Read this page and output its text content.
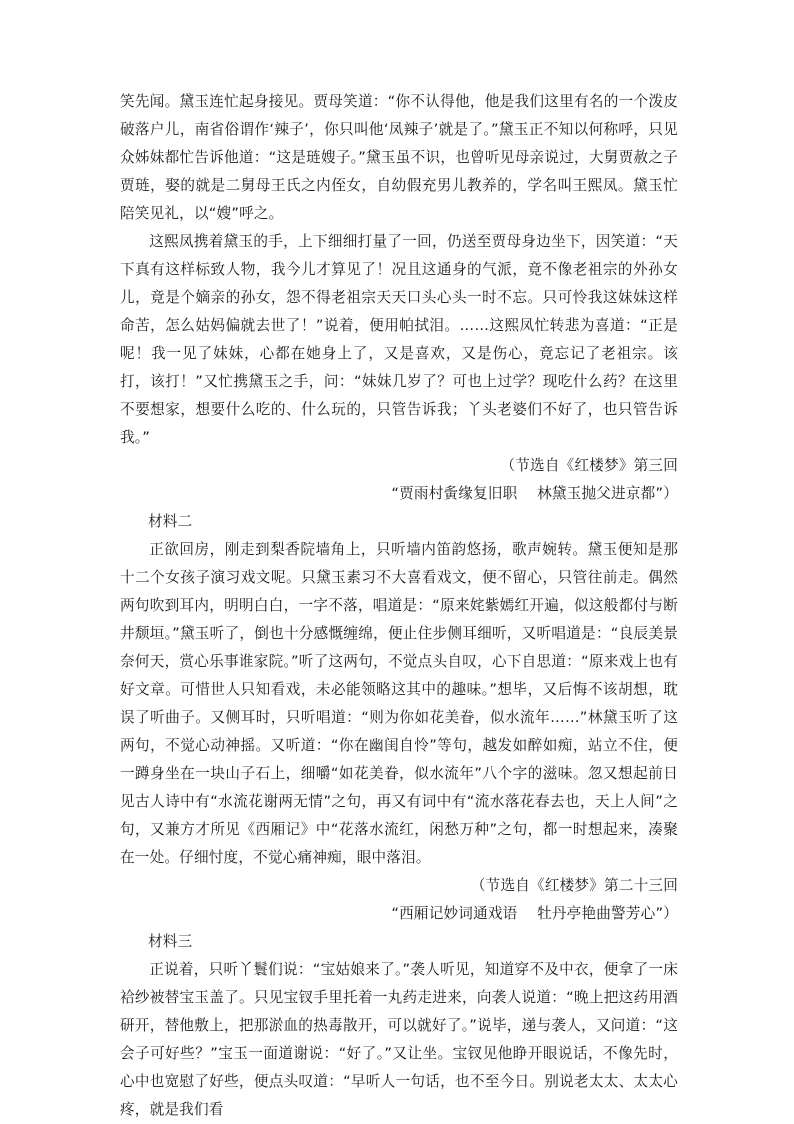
笑先闻。黛玉连忙起身接见。贾母笑道：“你不认得他，他是我们这里有名的一个泼皮破落户儿，南省俗谓作‘辣子’，你只叫他‘凤辣子’就是了。”黛玉正不知以何称呼，只见众姊妹都忙告诉他道：“这是琏嫂子。”黛玉虽不识，也曾听见母亲说过，大舅贾赦之子贾琏，娶的就是二舅母王氏之内侄女，自幼假充男儿教养的，学名叫王熙凤。黛玉忙陪笑见礼，以“嫂”呼之。

这熙凤携着黛玉的手，上下细细打量了一回，仍送至贾母身边坐下，因笑道：“天下真有这样标致人物，我今儿才算见了！况且这通身的气派，竟不像老祖宗的外孙女儿，竟是个嫡亲的孙女，怨不得老祖宗天天口头心头一时不忘。只可怜我这妹妹这样命苦，怎么姑妈偏就去世了！”说着，便用帕拭泪。……这熙凤忙转悲为喜道：“正是呢！我一见了妹妹，心都在她身上了，又是喜欢，又是伤心，竟忘记了老祖宗。该打，该打！”又忙携黛玉之手，问：“妹妹几岁了？可也上过学？现吃什么药？在这里不要想家，想要什么吃的、什么玩的，只管告诉我；丫头老婆们不好了，也只管告诉我。”

（节选自《红楼梦》第三回

“贾雨村夤缘复旧职　 林黛玉抛父进京都”）

材料二

正欲回房，刚走到梨香院墙角上，只听墙内笛韵悠扬，歌声婉转。黛玉便知是那十二个女孩子演习戏文呢。只黛玉素习不大喜看戏文，便不留心，只管往前走。偶然两句吹到耳内，明明白白，一字不落，唱道是：“原来姹紫嫣红开遍，似这般都付与断井颓垣。”黛玉听了，倒也十分感慨缠绵，便止住步侧耳细听，又听唱道是：“良辰美景奈何天，赏心乐事谁家院。”听了这两句，不觉点头自叹，心下自思道：“原来戏上也有好文章。可惜世人只知看戏，未必能领略这其中的趣味。”想毕，又后悔不该胡想，耽误了听曲子。又侧耳时，只听唱道：“则为你如花美眷，似水流年……”林黛玉听了这两句，不觉心动神摇。又听道：“你在幽闺自怜”等句，越发如醉如痴，站立不住，便一蹲身坐在一块山子石上，细嚼“如花美眷，似水流年”八个字的滋味。忽又想起前日见古人诗中有“水流花谢两无情”之句，再又有词中有“流水落花春去也，天上人间”之句，又兼方才所见《西厢记》中“花落水流红，闲愁万种”之句，都一时想起来，凑聚在一处。仔细忖度，不觉心痛神痴，眼中落泪。

（节选自《红楼梦》第二十三回

“西厢记妙词通戏语　 牡丹亭艳曲警芳心”）

材料三

正说着，只听丫鬟们说：“宝姑娘来了。”袭人听见，知道穿不及中衣，便拿了一床袷纱被替宝玉盖了。只见宝钗手里托着一丸药走进来，向袭人说道：“晚上把这药用酒研开，替他敷上，把那淤血的热毒散开，可以就好了。”说毕，递与袭人，又问道：“这会子可好些？”宝玉一面道谢说：“好了。”又让坐。宝钗见他睁开眼说话，不像先时，心中也宽慰了好些，便点头叹道：“早听人一句话，也不至今日。别说老太太、太太心疼，就是我们看
